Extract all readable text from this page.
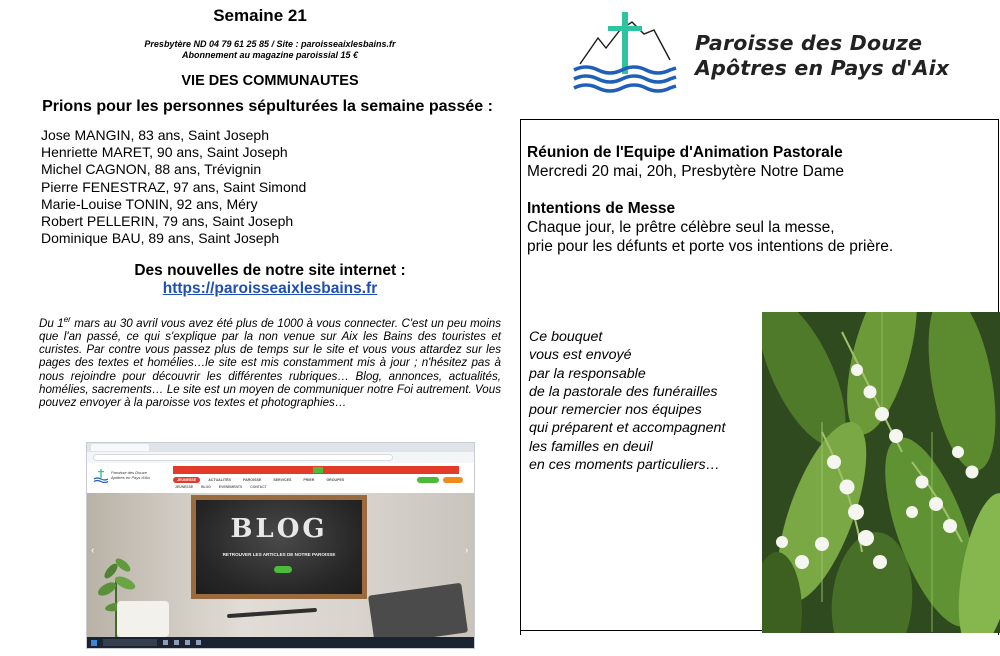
Semaine 21
Presbytère ND 04 79 61 25 85 / Site : paroisseaixlesbains.fr
Abonnement au magazine paroissial 15 €
VIE DES COMMUNAUTES
Prions pour les personnes sépulturées la semaine passée :
Jose MANGIN, 83 ans, Saint Joseph
Henriette MARET, 90 ans, Saint Joseph
Michel CAGNON, 88 ans, Trévignin
Pierre FENESTRAZ, 97 ans, Saint Simond
Marie-Louise TONIN, 92 ans, Méry
Robert PELLERIN, 79 ans, Saint Joseph
Dominique BAU, 89 ans, Saint Joseph
Des nouvelles de notre site internet :
https://paroisseaixlesbains.fr

Du 1er mars au 30 avril vous avez été plus de 1000 à vous connecter. C'est un peu moins que l'an passé, ce qui s'explique par la non venue sur Aix les Bains des touristes et curistes. Par contre vous passez plus de temps sur le site et vous vous attardez sur les pages des textes et homélies…le site est mis constamment mis à jour ; n'hésitez pas à nous rejoindre pour découvrir les différentes rubriques… Blog, annonces, actualités, homélies, sacrements… Le site est un moyen de communiquer notre Foi autrement. Vous pouvez envoyer à la paroisse vos textes et photographies…

Paroisse des Douze Apôtres en Pays d'Aix	JEUNESSE	ACTUALITÉS	PAROISSE	SERVICES	PRIER	GROUPES
JEUNESSE BLOG EVENEMENTS CONTACT
BLOG
RETROUVER LES ARTICLES DE NOTRE PAROISSE
‹	›
Paroisse des Douze
Apôtres en Pays d'Aix
Réunion de l'Equipe d'Animation Pastorale
Mercredi 20 mai, 20h, Presbytère Notre Dame
Intentions de Messe
Chaque jour, le prêtre célèbre seul la messe,
prie pour les défunts et porte vos intentions de prière.
Ce bouquet
vous est envoyé
par la responsable
de la pastorale des funérailles
pour remercier nos équipes
qui préparent et accompagnent
les familles en deuil
en ces moments particuliers…
